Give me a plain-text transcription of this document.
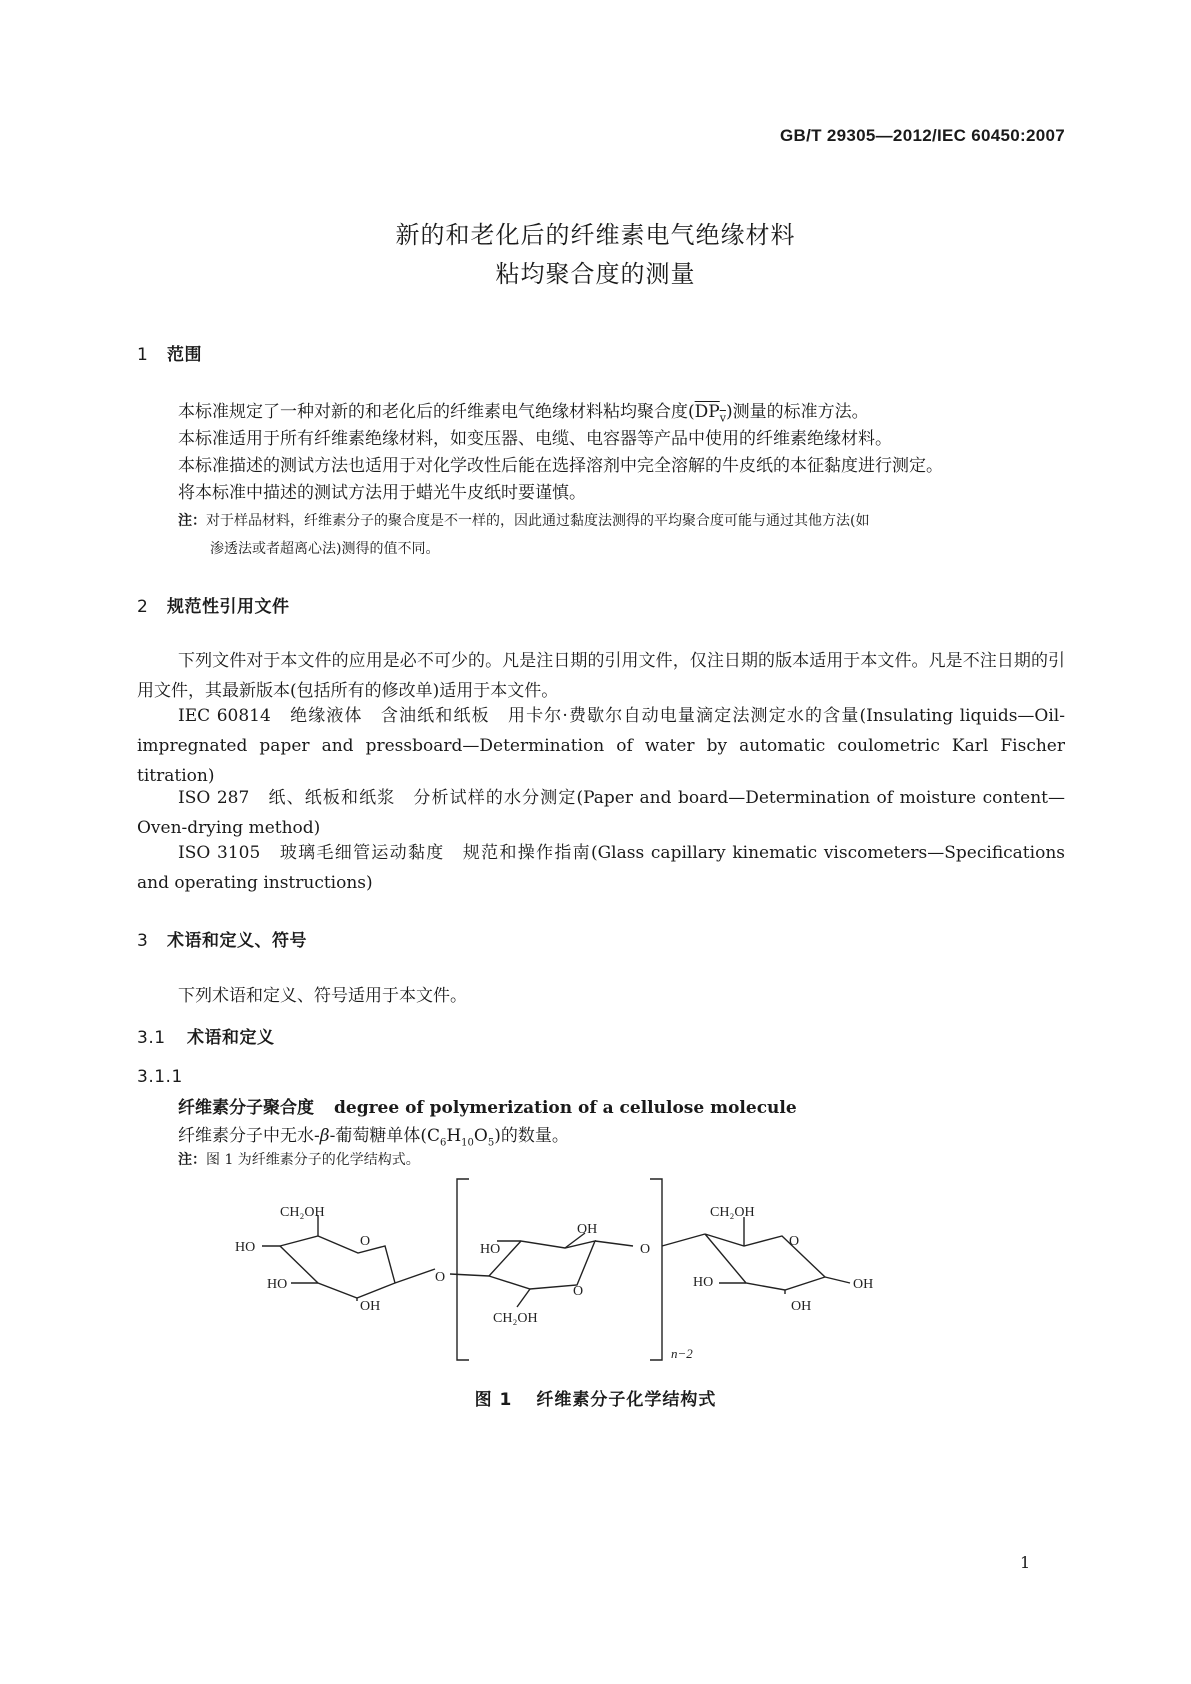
GB/T 29305—2012/IEC 60450:2007
新的和老化后的纤维素电气绝缘材料
粘均聚合度的测量
1 范围
本标准规定了一种对新的和老化后的纤维素电气绝缘材料粘均聚合度$(DP_v)$测量的标准方法。
本标准适用于所有纤维素绝缘材料，如变压器、电缆、电容器等产品中使用的纤维素绝缘材料。
本标准描述的测试方法也适用于对化学改性后能在选择溶剂中完全溶解的牛皮纸的本征黏度进行测定。
将本标准中描述的测试方法用于蜡光牛皮纸时要谨慎。
注：对于样品材料，纤维素分子的聚合度是不一样的，因此通过黏度法测得的平均聚合度可能与通过其他方法(如
渗透法或者超离心法)测得的值不同。
2 规范性引用文件
下列文件对于本文件的应用是必不可少的。凡是注日期的引用文件，仅注日期的版本适用于本文件。凡是不注日期的引用文件，其最新版本(包括所有的修改单)适用于本文件。
IEC 60814　绝缘液体　含油纸和纸板　用卡尔·费歇尔自动电量滴定法测定水的含量(Insulating liquids—Oil-impregnated paper and pressboard—Determination of water by automatic coulometric Karl Fischer titration)
ISO 287　纸、纸板和纸浆　分析试样的水分测定(Paper and board—Determination of moisture content—Oven-drying method)
ISO 3105　玻璃毛细管运动黏度　规范和操作指南(Glass capillary kinematic viscometers—Specifications and operating instructions)
3 术语和定义、符号
下列术语和定义、符号适用于本文件。
3.1 术语和定义
3.1.1
纤维素分子聚合度 degree of polymerization of a cellulose molecule
纤维素分子中无水-β-葡萄糖单体$(C_6H_{10}O_5)$的数量。
注：图 1 为纤维素分子的化学结构式。
CH₂OH
HO	O
HO
OH
O
HO
OH
O
CH₂OH
O
CH₂OH
O
HO
OH
OH
n−2
图 1 纤维素分子化学结构式
1
